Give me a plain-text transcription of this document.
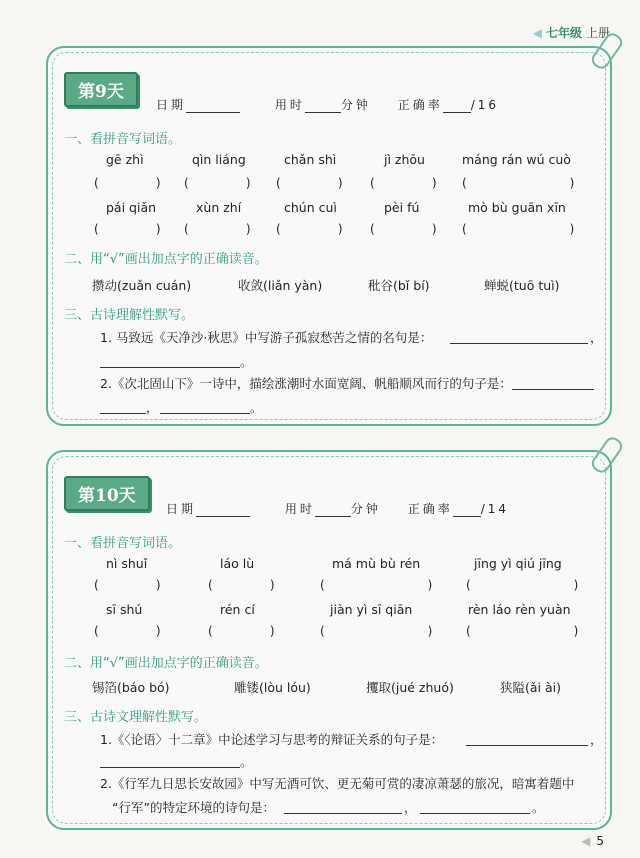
◀ 七年级 上册
第9天
日期	用时	分钟 正确率 /16
一、看拼音写词语。
gē zhì	qìn liáng	chǎn shì	jì zhōu	máng rán wú cuò
(               ) (               ) (               ) (               ) (                           )
pái qiǎn	xùn zhí	chún cuì	pèi fú	mò bù guān xīn
(               ) (               ) (               ) (               ) (                           )
二、用“√”画出加点字的正确读音。
攒动(zuǎn cuán)	收敛(liǎn yàn)	秕谷(bǐ bí)	蝉蜕(tuō tuì)
三、古诗理解性默写。
1. 马致远《天净沙·秋思》中写游子孤寂愁苦之情的名句是：	，
。
2.《次北固山下》一诗中，描绘涨潮时水面宽阔、帆船顺风而行的句子是：
，	。
第10天
日期	用时	分钟 正确率 /14
一、看拼音写词语。
nì shuǐ	láo lù	má mù bù rén	jīng yì qiú jīng
(               )	(               )	(                           )	(                           )
sī shú	rén cí	jiàn yì sī qiān	rèn láo rèn yuàn
(               )	(               )	(                           )	(                           )
二、用“√”画出加点字的正确读音。
锡箔(báo bó)	雕镂(lòu lóu)	攫取(jué zhuó)	狭隘(ǎi ài)
三、古诗文理解性默写。
1.《〈论语〉十二章》中论述学习与思考的辩证关系的句子是：	，
。
2.《行军九日思长安故园》中写无酒可饮、更无菊可赏的凄凉萧瑟的旅况，暗寓着题中
“行军”的特定环境的诗句是：	，	。
◀ 5
